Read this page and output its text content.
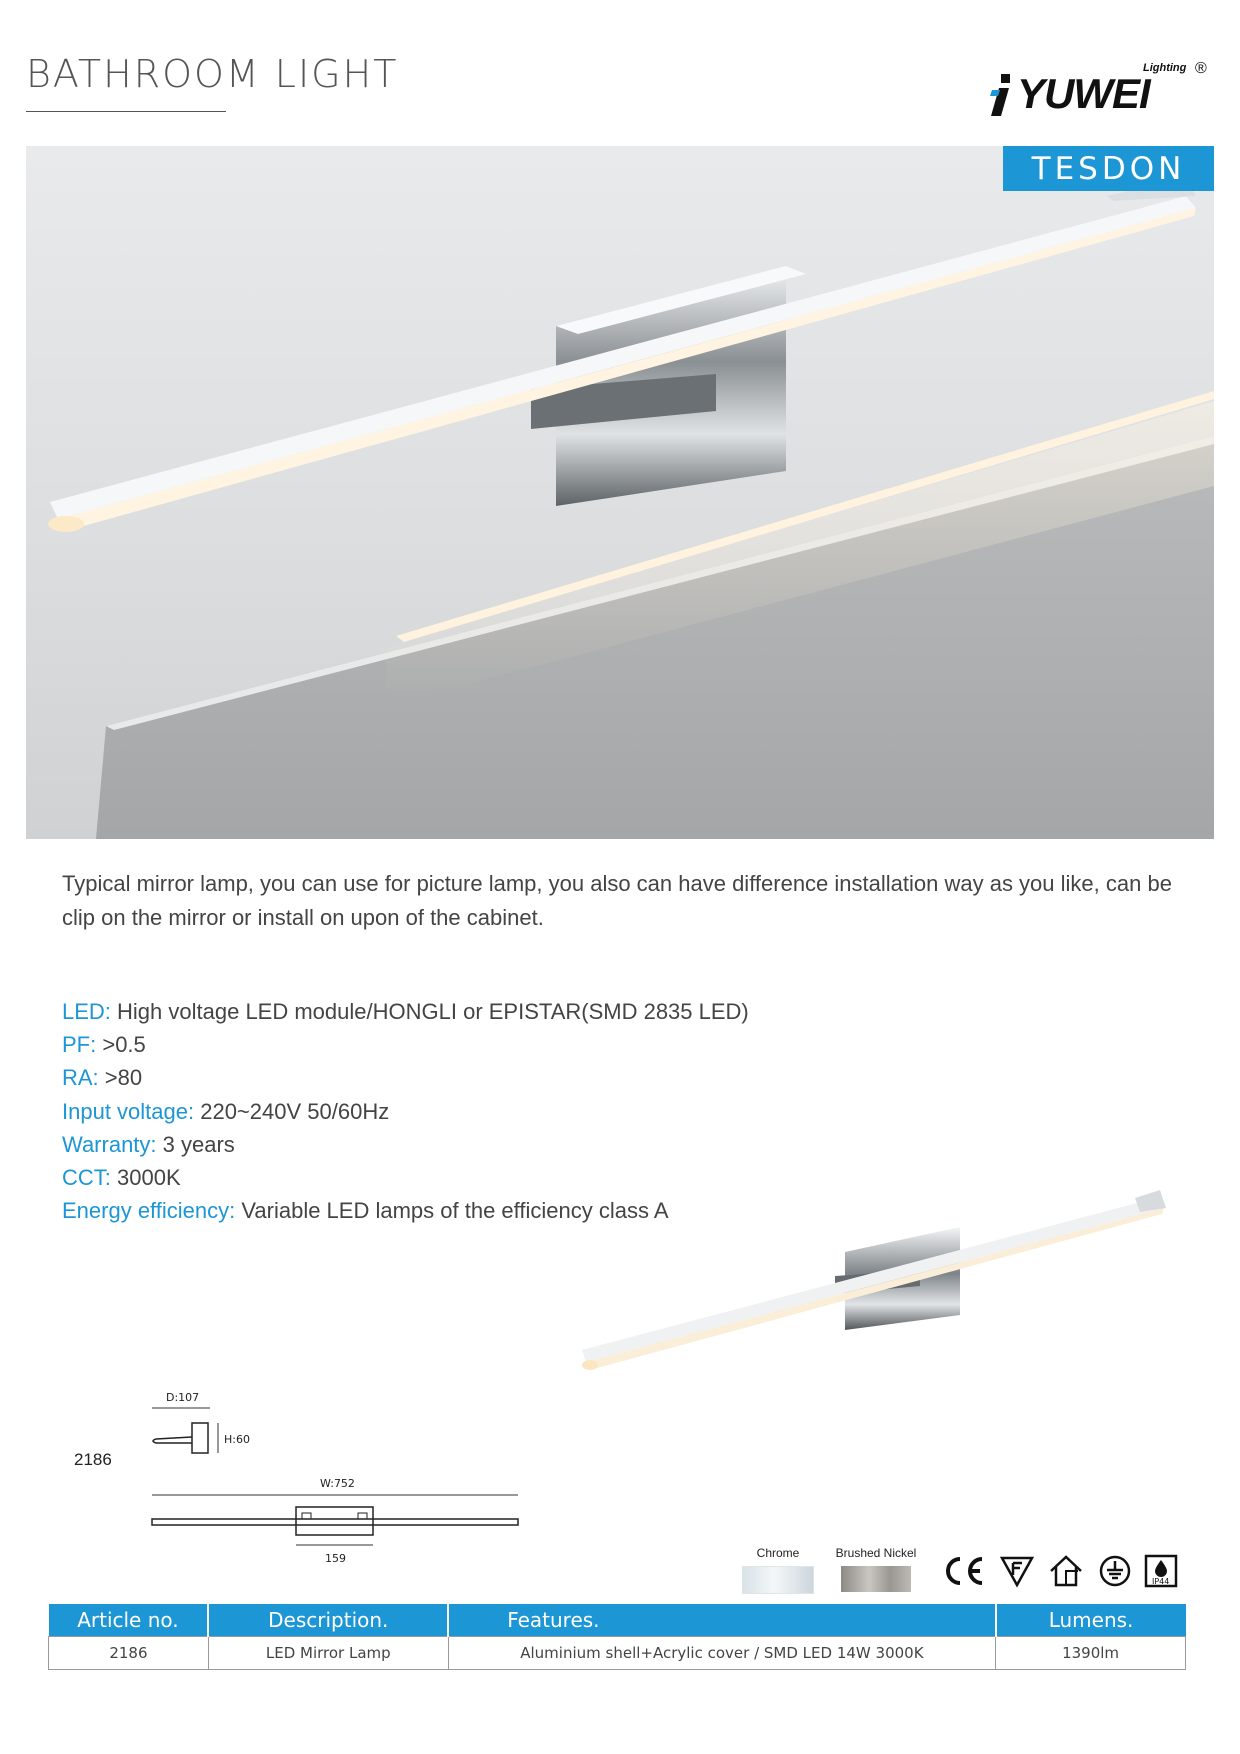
BATHROOM LIGHT	YUWEI
Lighting ®
TESDON
Typical mirror lamp, you can use for picture lamp, you also can have difference installation way as you like, can be clip on the mirror or install on upon of the cabinet.
LED: High voltage LED module/HONGLI or EPISTAR(SMD 2835 LED)
PF: >0.5
RA: >80
Input voltage: 220~240V 50/60Hz
Warranty: 3 years
CCT: 3000K
Energy efficiency: Variable LED lamps of the efficiency class A
2186
D:107
H:60
W:752
159	Chrome	Brushed Nickel
IP44
Article no.	Description.	Features.	Lumens.
2186	LED Mirror Lamp	Aluminium shell+Acrylic cover / SMD LED 14W 3000K	1390lm
